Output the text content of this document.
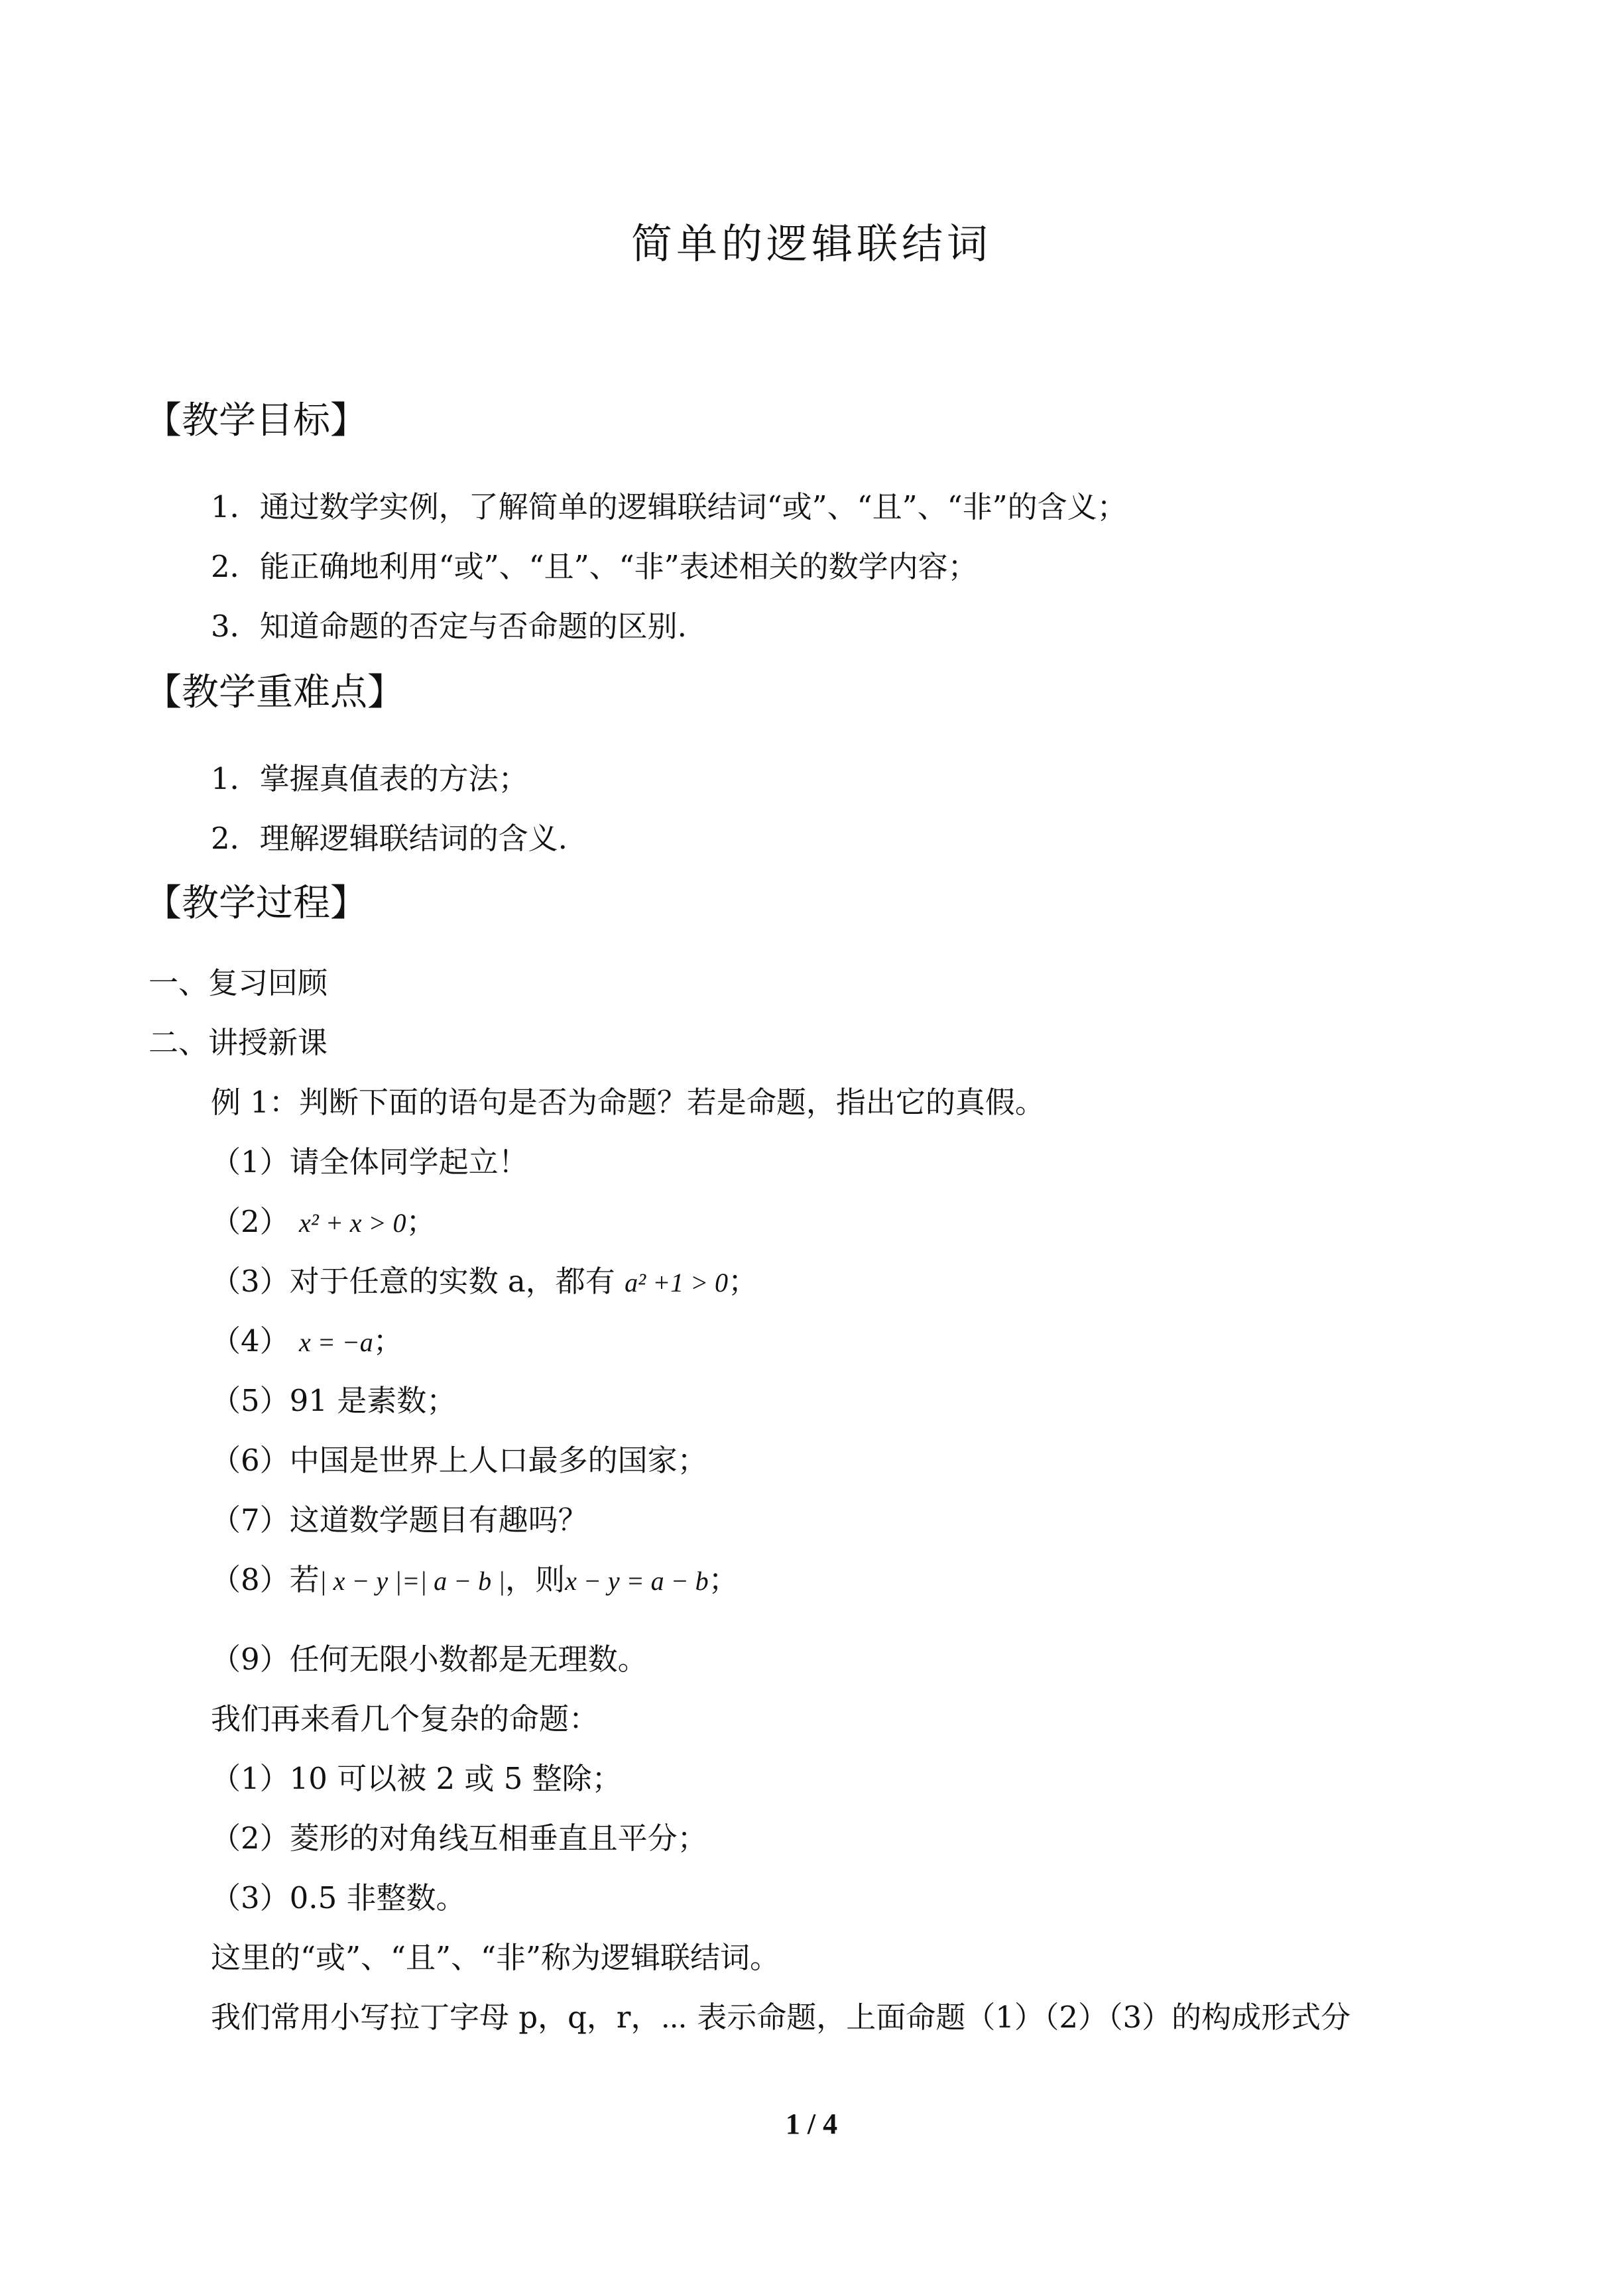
简单的逻辑联结词
【教学目标】
1．通过数学实例，了解简单的逻辑联结词“或”、“且”、“非”的含义；
2．能正确地利用“或”、“且”、“非”表述相关的数学内容；
3．知道命题的否定与否命题的区别.
【教学重难点】
1．掌握真值表的方法；
2．理解逻辑联结词的含义.
【教学过程】
一、复习回顾
二、讲授新课
例 1：判断下面的语句是否为命题？若是命题，指出它的真假。
（1）请全体同学起立！
（2） x² + x > 0；
（3）对于任意的实数 a，都有 a² +1 > 0；
（4） x = −a；
（5）91 是素数；
（6）中国是世界上人口最多的国家；
（7）这道数学题目有趣吗？
（8）若| x − y |=| a − b |，则x − y = a − b；
（9）任何无限小数都是无理数。
我们再来看几个复杂的命题：
（1）10 可以被 2 或 5 整除；
（2）菱形的对角线互相垂直且平分；
（3）0.5 非整数。
这里的“或”、“且”、“非”称为逻辑联结词。
我们常用小写拉丁字母 p，q，r，⋯ 表示命题，上面命题（1）（2）（3）的构成形式分
1 / 4
